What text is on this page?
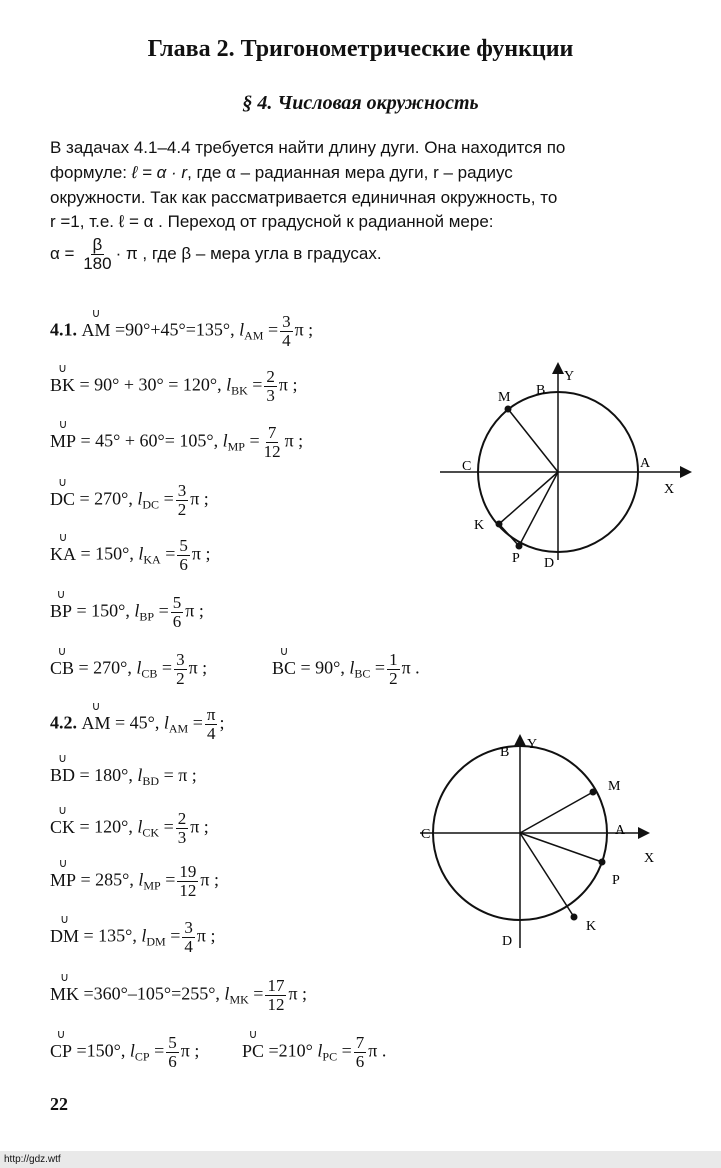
Глава 2. Тригонометрические функции
§ 4. Числовая окружность
В задачах 4.1–4.4 требуется найти длину дуги. Она находится по
формуле: ℓ = α · r, где α – радианная мера дуги, r – радиус
окружности. Так как рассматривается единичная окружность, то
r =1, т.е. ℓ = α . Переход от градусной к радианной мере:
$\alpha = \frac{\beta}{180} \cdot \pi$ , где β – мера угла в градусах.
4.1. ∪ AM =90°+45°=135°, $l_{AM} = \frac{3}{4}$ π ;
∪ BK = 90° + 30° = 120°, $l_{BK} = \frac{2}{3}$ π ;
∪ MP = 45° + 60°= 105°, $l_{MP} = \frac{7}{12}$ π ;
∪ DC = 270°, $l_{DC} = \frac{3}{2}$ π ;
∪ KA = 150°, $l_{KA} = \frac{5}{6}$ π ;
∪ BP = 150°, $l_{BP} = \frac{5}{6}$ π ;
∪ CB = 270°, $l_{CB} = \frac{3}{2}$ π ;	∪ BC = 90°, $l_{BC} = \frac{1}{2}$ π .
4.2. ∪ AM = 45°, $l_{AM} = \frac{\pi}{4}$ ;
∪ BD = 180°, $l_{BD} = \pi$ ;
∪ CK = 120°, $l_{CK} = \frac{2}{3}$ π ;
∪ MP = 285°, $l_{MP} = \frac{19}{12}$ π ;
∪ DM = 135°, $l_{DM} = \frac{3}{4}$ π ;
∪ MK =360°–105°=255°, $l_{MK} = \frac{17}{12}$ π ;
∪ CP =150°, $l_{CP} = \frac{5}{6}$ π ; ∪ PC =210° $l_{PC} = \frac{7}{6}$ π .
M B
Y
C	A
X
K
P D
B
Y
M
C	A
X
P
K
D
22
http://gdz.wtf
